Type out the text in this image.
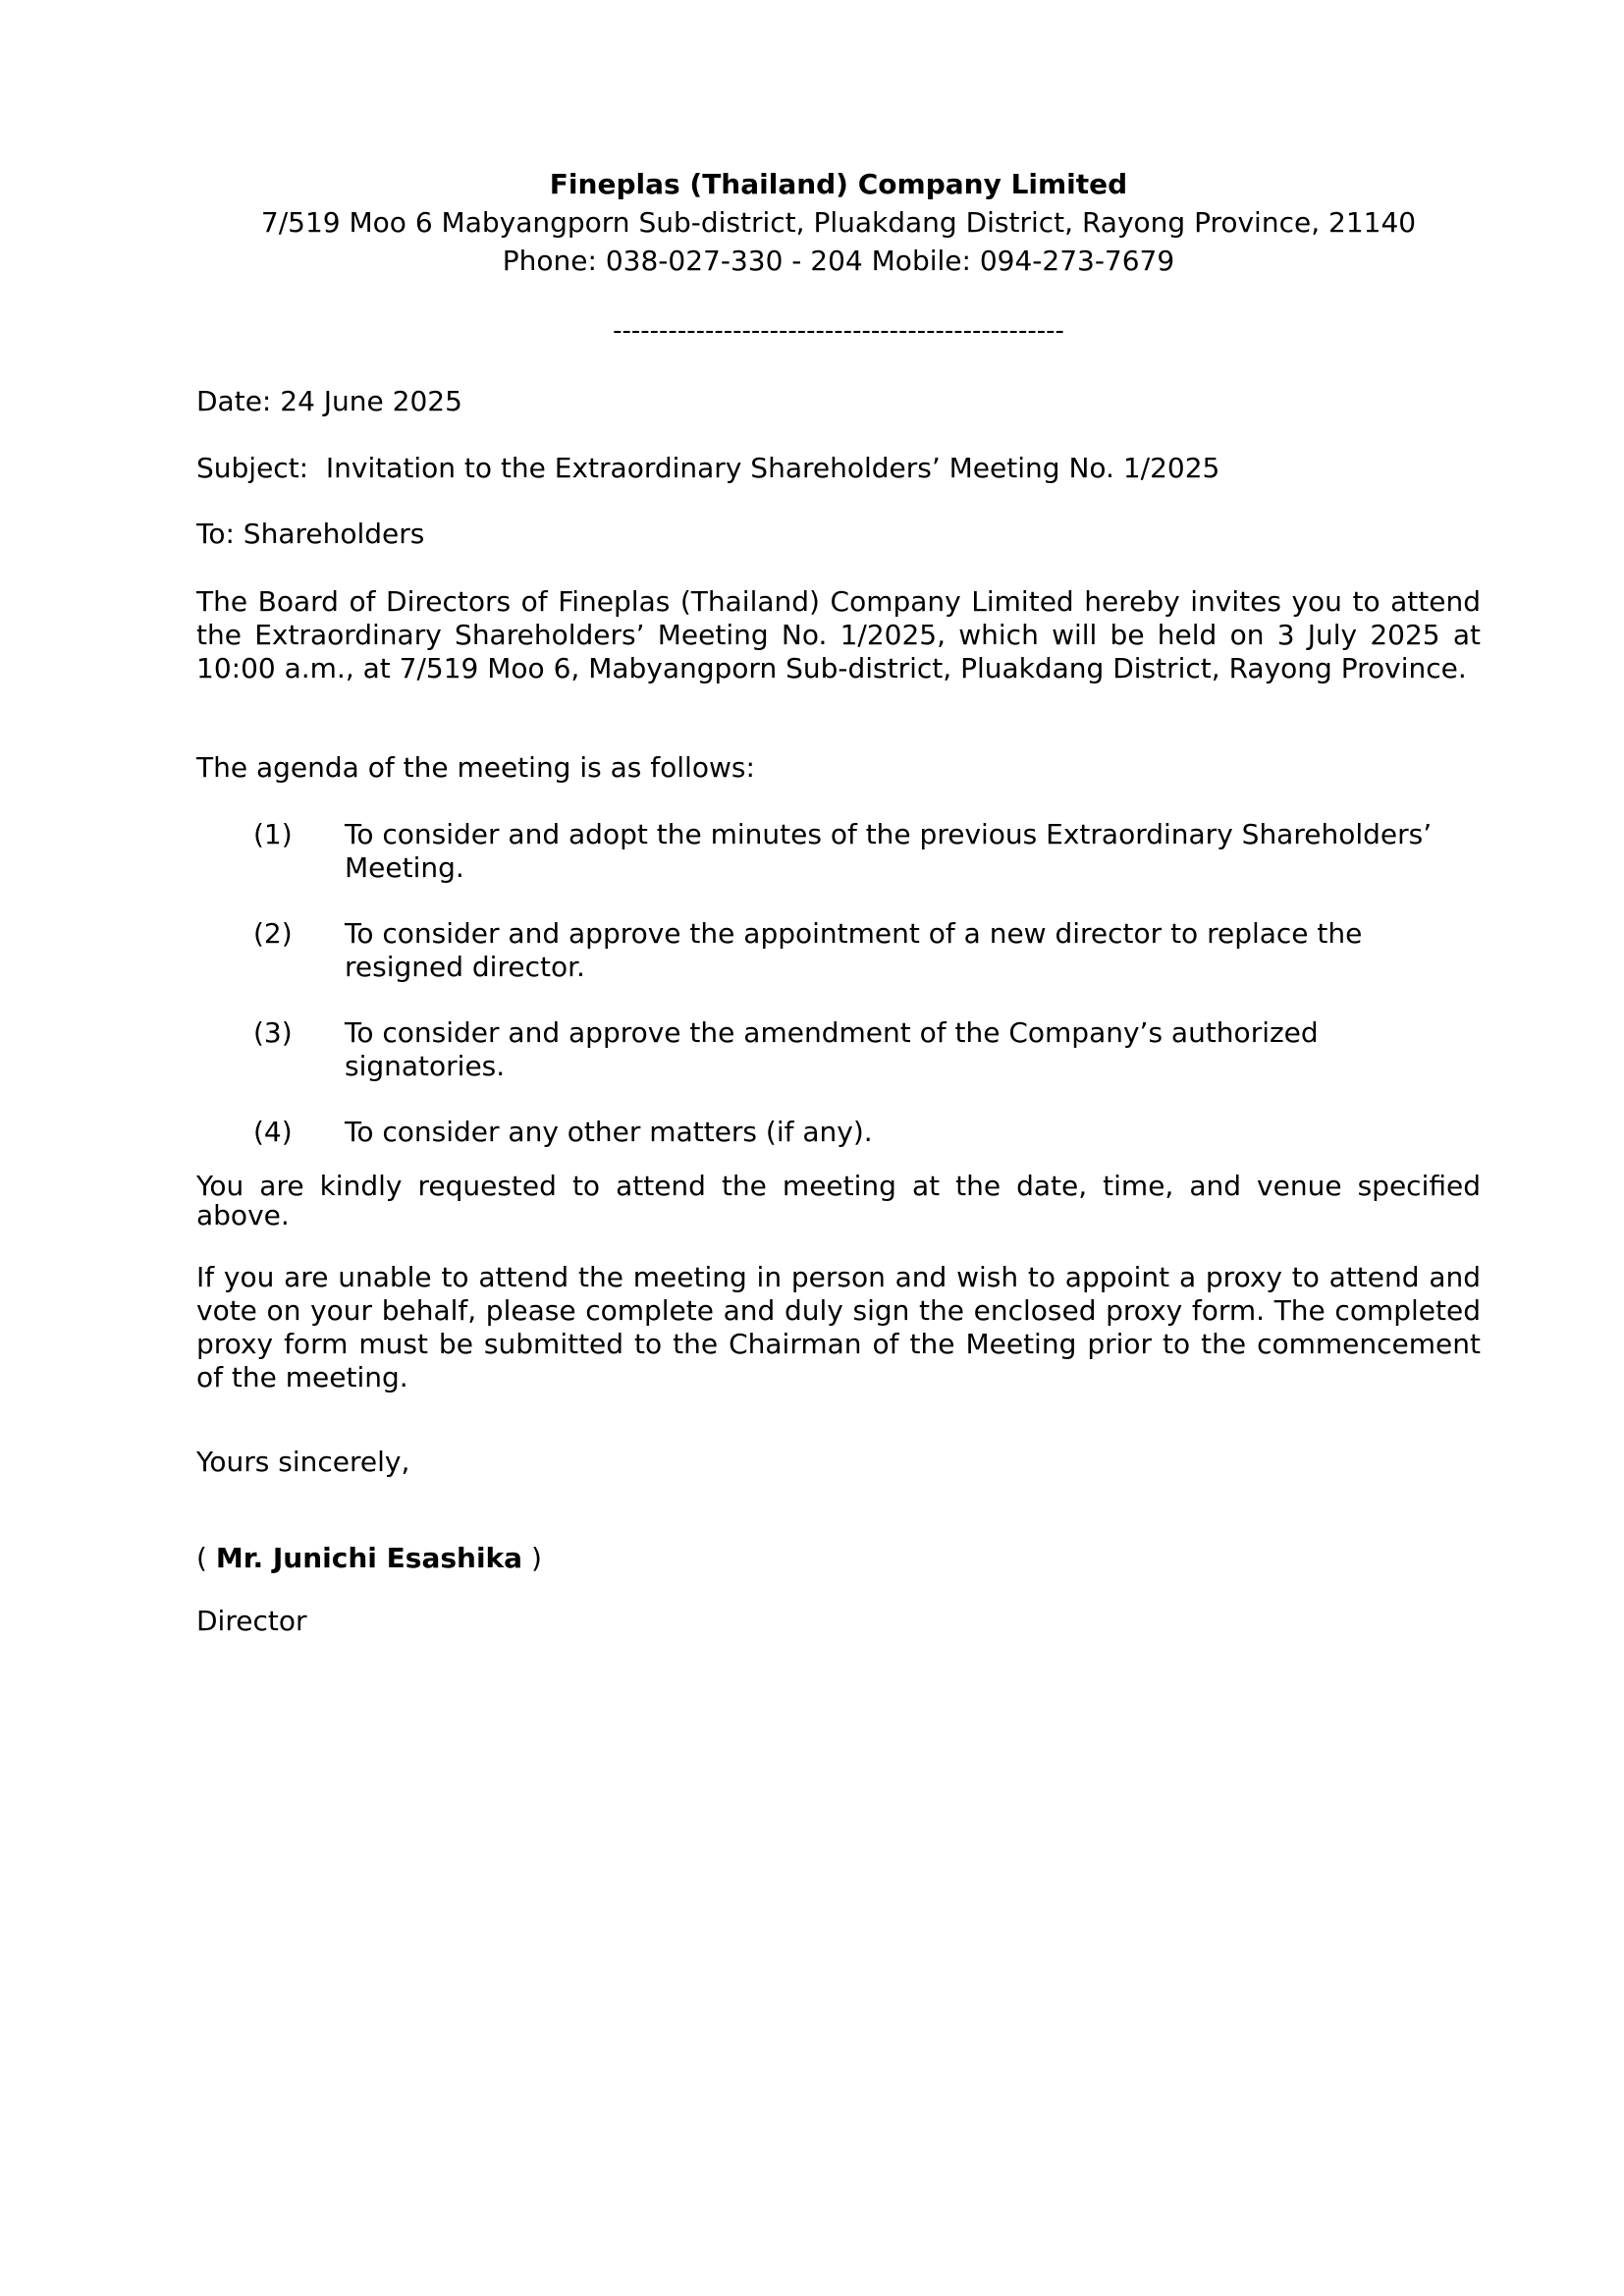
Fineplas (Thailand) Company Limited
7/519 Moo 6 Mabyangporn Sub-district, Pluakdang District, Rayong Province, 21140
Phone: 038-027-330 - 204 Mobile: 094-273-7679
-------------------------------------------------
Date: 24 June 2025
Subject:  Invitation to the Extraordinary Shareholders’ Meeting No. 1/2025
To: Shareholders
The Board of Directors of Fineplas (Thailand) Company Limited hereby invites you to attend the Extraordinary Shareholders’ Meeting No. 1/2025, which will be held on 3 July 2025 at 10:00 a.m., at 7/519 Moo 6, Mabyangporn Sub-district, Pluakdang District, Rayong Province.
The agenda of the meeting is as follows:
(1)	To consider and adopt the minutes of the previous Extraordinary Shareholders’ Meeting.
(2)	To consider and approve the appointment of a new director to replace the resigned director.
(3)	To consider and approve the amendment of the Company’s authorized signatories.
(4)	To consider any other matters (if any).
You are kindly requested to attend the meeting at the date, time, and venue specified above.
If you are unable to attend the meeting in person and wish to appoint a proxy to attend and vote on your behalf, please complete and duly sign the enclosed proxy form. The completed proxy form must be submitted to the Chairman of the Meeting prior to the commencement of the meeting.
Yours sincerely,
( Mr. Junichi Esashika )
Director
